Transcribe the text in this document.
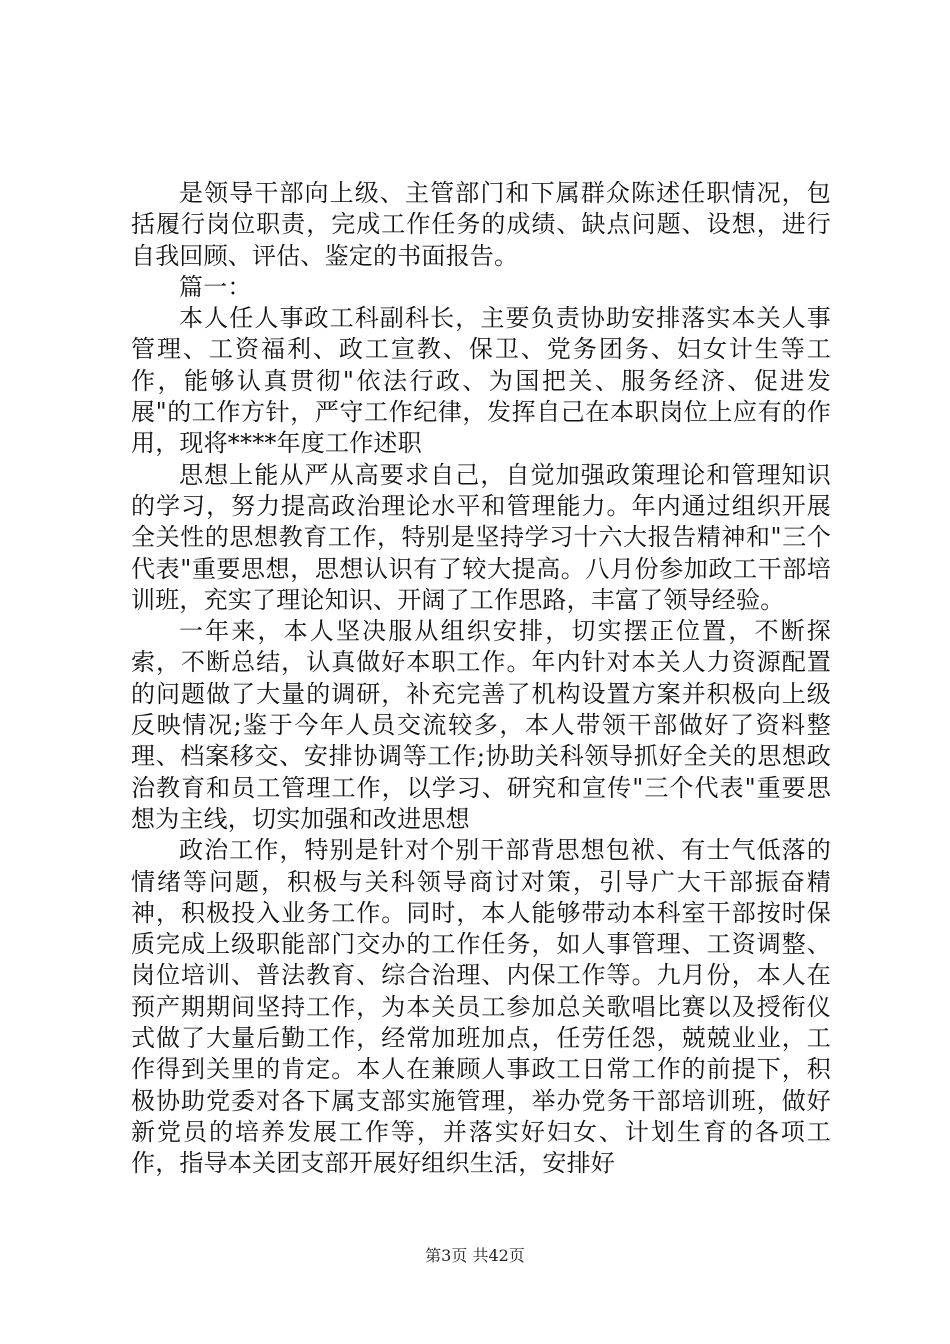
是领导干部向上级、主管部门和下属群众陈述任职情况，包括履行岗位职责，完成工作任务的成绩、缺点问题、设想，进行自我回顾、评估、鉴定的书面报告。

篇一：

本人任人事政工科副科长，主要负责协助安排落实本关人事管理、工资福利、政工宣教、保卫、党务团务、妇女计生等工作，能够认真贯彻"依法行政、为国把关、服务经济、促进发展"的工作方针，严守工作纪律，发挥自己在本职岗位上应有的作用，现将****年度工作述职

思想上能从严从高要求自己，自觉加强政策理论和管理知识的学习，努力提高政治理论水平和管理能力。年内通过组织开展全关性的思想教育工作，特别是坚持学习十六大报告精神和"三个代表"重要思想，思想认识有了较大提高。八月份参加政工干部培训班，充实了理论知识、开阔了工作思路，丰富了领导经验。

一年来，本人坚决服从组织安排，切实摆正位置，不断探索，不断总结，认真做好本职工作。年内针对本关人力资源配置的问题做了大量的调研，补充完善了机构设置方案并积极向上级反映情况;鉴于今年人员交流较多，本人带领干部做好了资料整理、档案移交、安排协调等工作;协助关科领导抓好全关的思想政治教育和员工管理工作，以学习、研究和宣传"三个代表"重要思想为主线，切实加强和改进思想

政治工作，特别是针对个别干部背思想包袱、有士气低落的情绪等问题，积极与关科领导商讨对策，引导广大干部振奋精神，积极投入业务工作。同时，本人能够带动本科室干部按时保质完成上级职能部门交办的工作任务，如人事管理、工资调整、岗位培训、普法教育、综合治理、内保工作等。九月份，本人在预产期期间坚持工作，为本关员工参加总关歌唱比赛以及授衔仪式做了大量后勤工作，经常加班加点，任劳任怨，兢兢业业，工作得到关里的肯定。本人在兼顾人事政工日常工作的前提下，积极协助党委对各下属支部实施管理，举办党务干部培训班，做好新党员的培养发展工作等，并落实好妇女、计划生育的各项工作，指导本关团支部开展好组织生活，安排好

第3页 共42页
